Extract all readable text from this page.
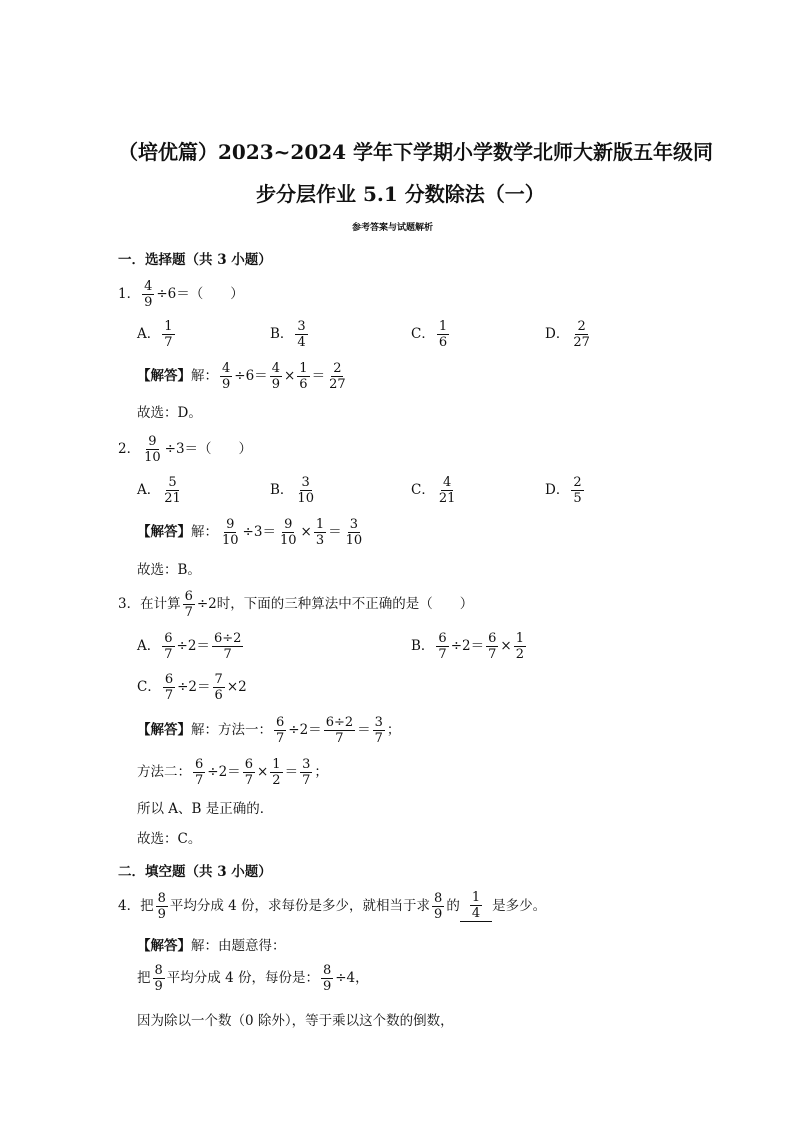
（培优篇）2023~2024 学年下学期小学数学北师大新版五年级同
步分层作业 5.1 分数除法（一）
参考答案与试题解析
一．选择题（共 3 小题）
1． $\frac{4}{9} \div 6=$（　　）
A． 1
7	B． 3
4	C． 1
6	D． 2
27
【解答】 解： $\frac{4}{9} \div 6= \frac{4}{9} \times \frac{1}{6} = 2$
27
故选：D。
2． $\frac{9}{10} \div 3=$（　　）
A． 5
21	B． 3
10	C． 4
21	D． 2
5
【解答】 解： $\frac{9}{10} \div 3= \frac{9}{10} \times \frac{1}{3} = 3$
10
故选：B。
3． 在计算 $\frac{6}{7} \div 2$时，下面的三种算法中不正确的是（　　）
A． $\frac{6}{7} \div 2= 6\div 2$
7	B． $\frac{6}{7} \div 2= \frac{6}{7} \times \frac{1}{2}$
C． $\frac{6}{7} \div 2= \frac{7}{6} \times 2$
【解答】 解：方法一： $\frac{6}{7} \div 2= 6\div 2$
7 ＝ 3
7 ；
方法二： $\frac{6}{7} \div 2= \frac{6}{7} \times \frac{1}{2} = 3$
7 ；
所以 A、B 是正确的．
故选：C。
二．填空题（共 3 小题）
4． 把 8
9 平均分成 4 份，求每份是多少，就相当于求 8
9 的 $\frac{1}{4}$ 是多少。
【解答】解：由题意得：
把 8
9 平均分成 4 份，每份是： $\frac{8}{9} \div 4$，
因为除以一个数（0 除外），等于乘以这个数的倒数，
